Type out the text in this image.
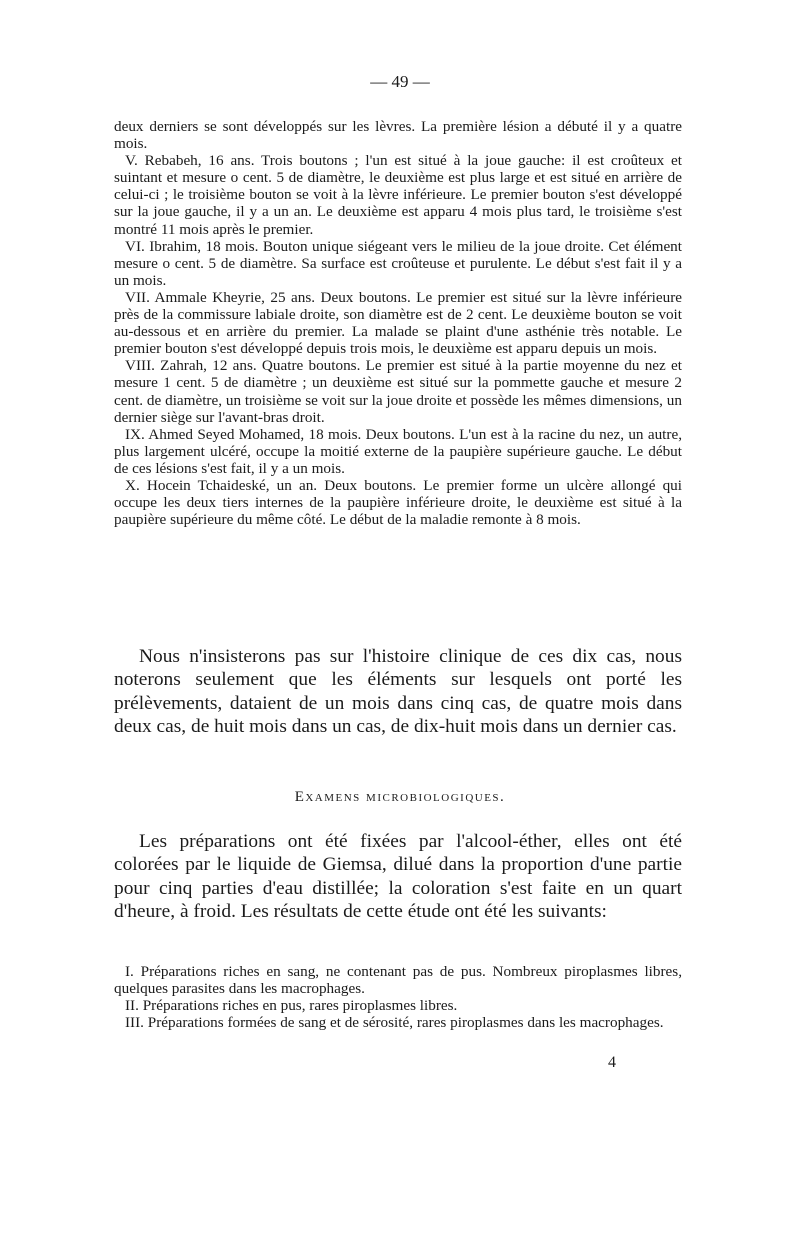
— 49 —

deux derniers se sont développés sur les lèvres. La première lésion a débuté il y a quatre mois.

V. Rebabeh, 16 ans. Trois boutons ; l'un est situé à la joue gauche: il est croûteux et suintant et mesure o cent. 5 de diamètre, le deuxième est plus large et est situé en arrière de celui-ci ; le troisième bouton se voit à la lèvre inférieure. Le premier bouton s'est développé sur la joue gauche, il y a un an. Le deuxième est apparu 4 mois plus tard, le troisième s'est montré 11 mois après le premier.

VI. Ibrahim, 18 mois. Bouton unique siégeant vers le milieu de la joue droite. Cet élément mesure o cent. 5 de diamètre. Sa surface est croûteuse et purulente. Le début s'est fait il y a un mois.

VII. Ammale Kheyrie, 25 ans. Deux boutons. Le premier est situé sur la lèvre inférieure près de la commissure labiale droite, son diamètre est de 2 cent. Le deuxième bouton se voit au-dessous et en arrière du premier. La malade se plaint d'une asthénie très notable. Le premier bouton s'est développé depuis trois mois, le deuxième est apparu depuis un mois.

VIII. Zahrah, 12 ans. Quatre boutons. Le premier est situé à la partie moyenne du nez et mesure 1 cent. 5 de diamètre ; un deuxième est situé sur la pommette gauche et mesure 2 cent. de diamètre, un troisième se voit sur la joue droite et possède les mêmes dimensions, un dernier siège sur l'avant-bras droit.

IX. Ahmed Seyed Mohamed, 18 mois. Deux boutons. L'un est à la racine du nez, un autre, plus largement ulcéré, occupe la moitié externe de la paupière supérieure gauche. Le début de ces lésions s'est fait, il y a un mois.

X. Hocein Tchaideské, un an. Deux boutons. Le premier forme un ulcère allongé qui occupe les deux tiers internes de la paupière inférieure droite, le deuxième est situé à la paupière supérieure du même côté. Le début de la maladie remonte à 8 mois.

Nous n'insisterons pas sur l'histoire clinique de ces dix cas, nous noterons seulement que les éléments sur lesquels ont porté les prélèvements, dataient de un mois dans cinq cas, de quatre mois dans deux cas, de huit mois dans un cas, de dix-huit mois dans un dernier cas.

Examens microbiologiques.

Les préparations ont été fixées par l'alcool-éther, elles ont été colorées par le liquide de Giemsa, dilué dans la proportion d'une partie pour cinq parties d'eau distillée; la coloration s'est faite en un quart d'heure, à froid. Les résultats de cette étude ont été les suivants:

I. Préparations riches en sang, ne contenant pas de pus. Nombreux piroplasmes libres, quelques parasites dans les macrophages.

II. Préparations riches en pus, rares piroplasmes libres.

III. Préparations formées de sang et de sérosité, rares piroplasmes dans les macrophages.

4
